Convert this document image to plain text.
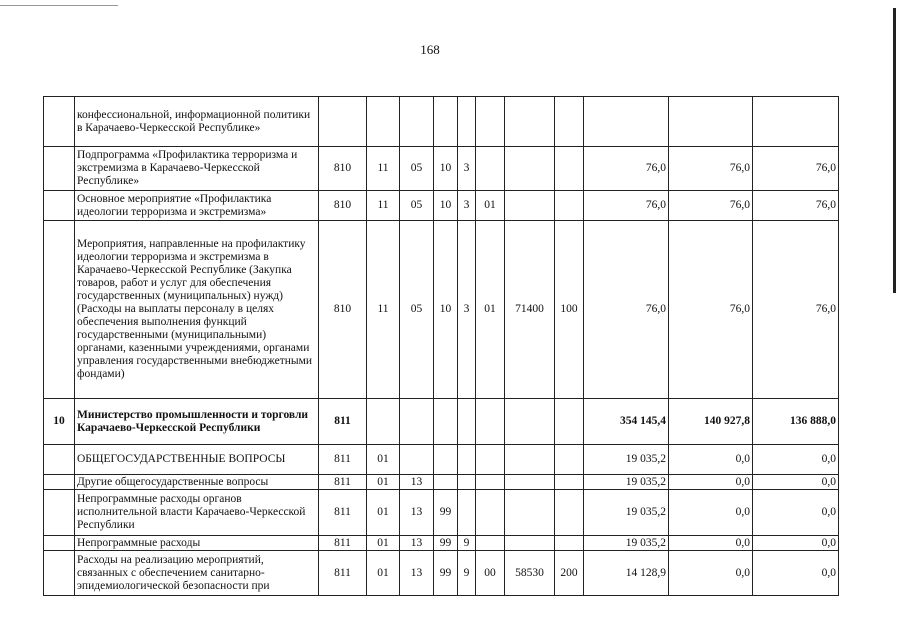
168
	конфессиональной, информационной политики в Карачаево-Черкесской Республике»											
	Подпрограмма «Профилактика терроризма и экстремизма в Карачаево-Черкесской Республике»	810	11	05	10	3				76,0	76,0	76,0
	Основное мероприятие «Профилактика идеологии терроризма и экстремизма»	810	11	05	10	3	01			76,0	76,0	76,0
	Мероприятия, направленные на профилактику идеологии терроризма и экстремизма в Карачаево-Черкесской Республике (Закупка товаров, работ и услуг для обеспечения государственных (муниципальных) нужд) (Расходы на выплаты персоналу в целях обеспечения выполнения функций государственными (муниципальными) органами, казенными учреждениями, органами управления государственными внебюджетными фондами)	810	11	05	10	3	01	71400	100	76,0	76,0	76,0
10	Министерство промышленности и торговли Карачаево-Черкесской Республики	811								354 145,4	140 927,8	136 888,0
	ОБЩЕГОСУДАРСТВЕННЫЕ ВОПРОСЫ	811	01							19 035,2	0,0	0,0
	Другие общегосударственные вопросы	811	01	13						19 035,2	0,0	0,0
	Непрограммные расходы органов исполнительной власти Карачаево-Черкесской Республики	811	01	13	99					19 035,2	0,0	0,0
	Непрограммные расходы	811	01	13	99	9				19 035,2	0,0	0,0
	Расходы на реализацию мероприятий, связанных с обеспечением санитарно-эпидемиологической безопасности при	811	01	13	99	9	00	58530	200	14 128,9	0,0	0,0
